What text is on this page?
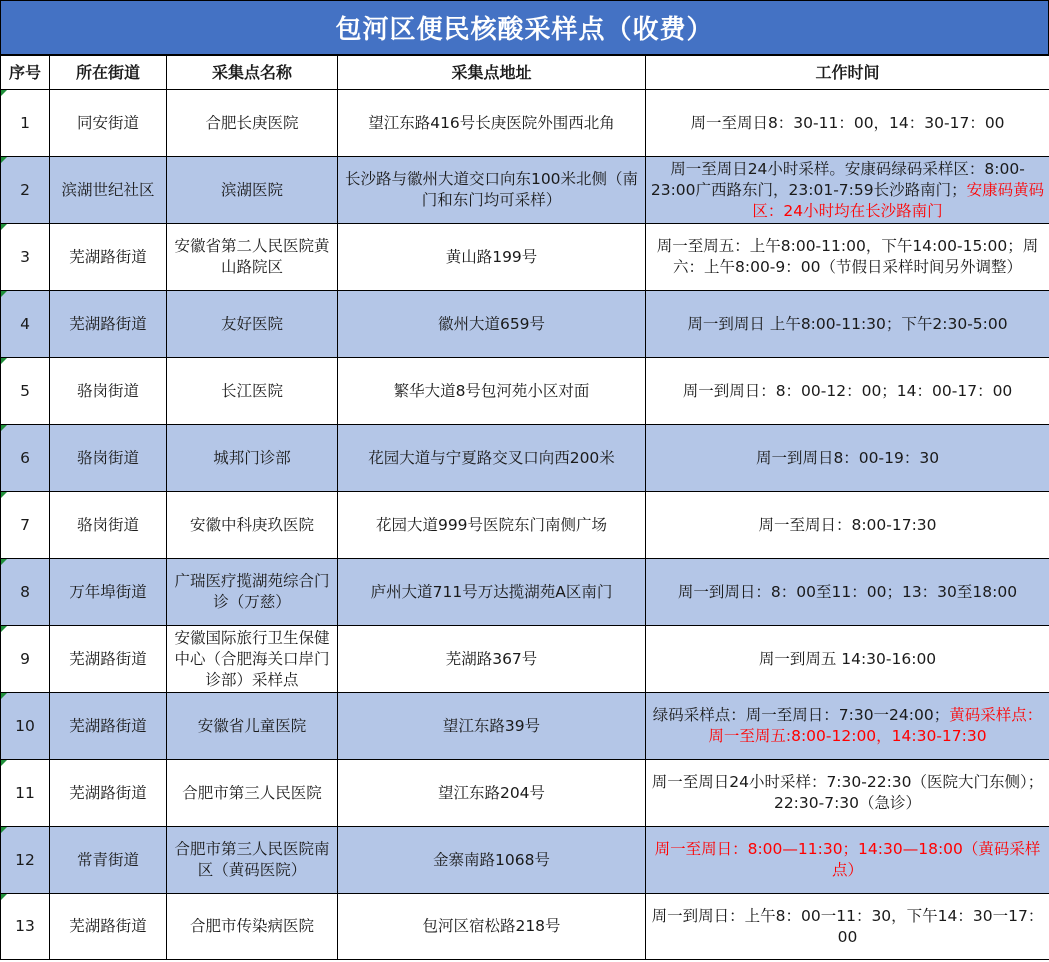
包河区便民核酸采样点（收费）
序号	所在街道	采集点名称	采集点地址	工作时间

1	同安街道	合肥长庚医院	望江东路416号长庚医院外围西北角	周一至周日8：30-11：00，14：30-17：00

2	滨湖世纪社区	滨湖医院	长沙路与徽州大道交口向东100米北侧（南门和东门均可采样）	周一至周日24小时采样。安康码绿码采样区：8:00-23:00广西路东门，23:01-7:59长沙路南门；安康码黄码区：24小时均在长沙路南门

3	芜湖路街道	安徽省第二人民医院黄山路院区	黄山路199号	周一至周五：上午8:00-11:00，下午14:00-15:00；周六：上午8:00-9：00（节假日采样时间另外调整）

4	芜湖路街道	友好医院	徽州大道659号	周一到周日 上午8:00-11:30；下午2:30-5:00

5	骆岗街道	长江医院	繁华大道8号包河苑小区对面	周一到周日：8：00-12：00；14：00-17：00

6	骆岗街道	城邦门诊部	花园大道与宁夏路交叉口向西200米	周一到周日8：00-19：30

7	骆岗街道	安徽中科庚玖医院	花园大道999号医院东门南侧广场	周一至周日：8:00-17:30

8	万年埠街道	广瑞医疗揽湖苑综合门诊（万慈）	庐州大道711号万达揽湖苑A区南门	周一到周日：8：00至11：00；13：30至18:00

9	芜湖路街道	安徽国际旅行卫生保健中心（合肥海关口岸门诊部）采样点	芜湖路367号	周一到周五 14:30-16:00

10	芜湖路街道	安徽省儿童医院	望江东路39号	绿码采样点：周一至周日：7:30一24:00；黄码采样点：周一至周五:8:00-12:00，14:30-17:30

11	芜湖路街道	合肥市第三人民医院	望江东路204号	周一至周日24小时采样：7:30-22:30（医院大门东侧）；22:30-7:30（急诊）

12	常青街道	合肥市第三人民医院南区（黄码医院）	金寨南路1068号	周一至周日：8:00—11:30；14:30—18:00（黄码采样点）

13	芜湖路街道	合肥市传染病医院	包河区宿松路218号	周一到周日：上午8：00一11：30，下午14：30一17：00
